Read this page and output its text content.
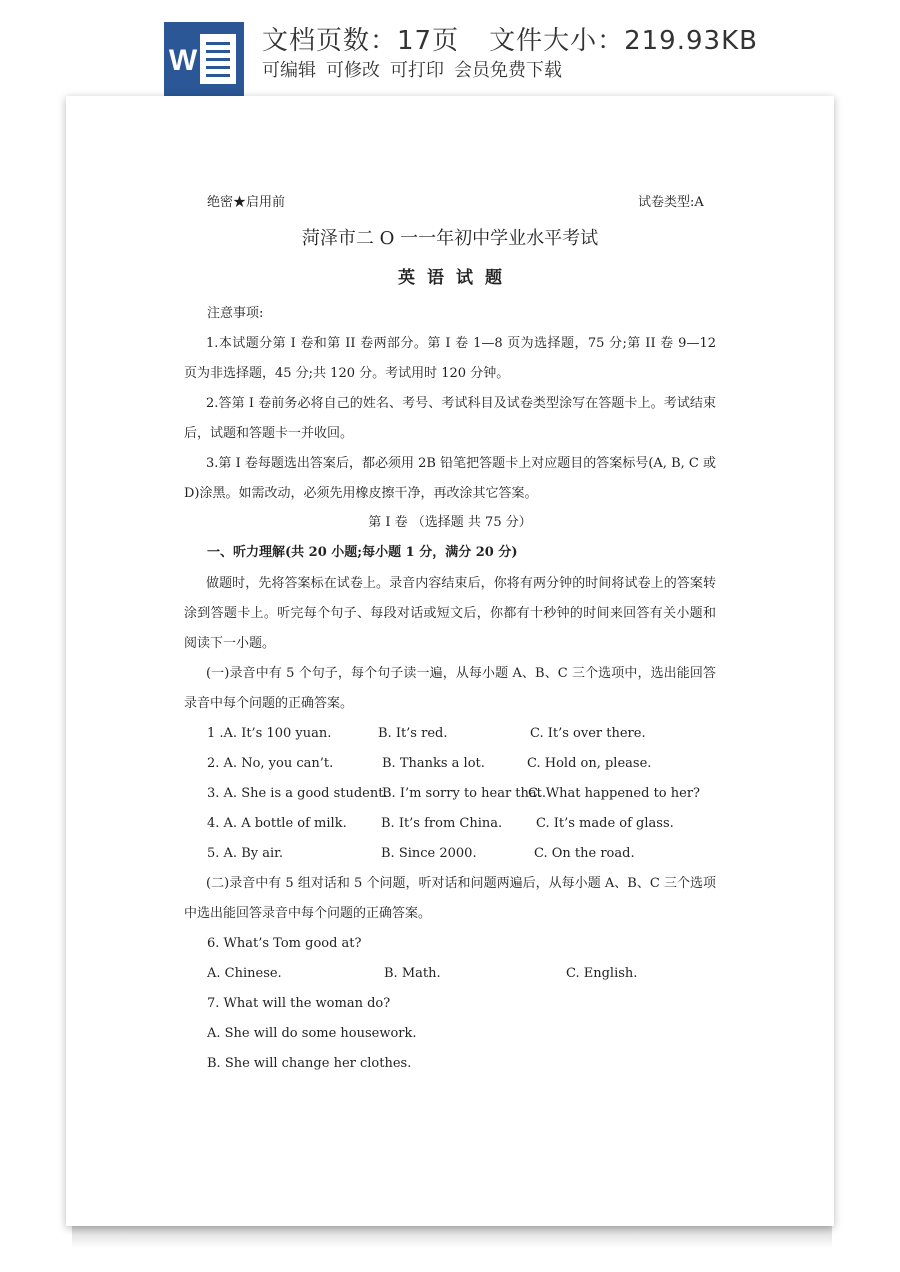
W
文档页数：17页 文件大小：219.93KB
可编辑 可修改 可打印 会员免费下载
绝密★启用前	试卷类型:A
菏泽市二 O 一一年初中学业水平考试
英语试题
注意事项:
1.本试题分第 I 卷和第 II 卷两部分。第 I 卷 1—8 页为选择题，75 分;第 II 卷 9—12 页为非选择题，45 分;共 120 分。考试用时 120 分钟。
2.答第 I 卷前务必将自己的姓名、考号、考试科目及试卷类型涂写在答题卡上。考试结束后，试题和答题卡一并收回。
3.第 I 卷每题选出答案后，都必须用 2B 铅笔把答题卡上对应题目的答案标号(A, B, C 或 D)涂黑。如需改动，必须先用橡皮擦干净，再改涂其它答案。
第 I 卷 （选择题 共 75 分）
一、听力理解(共 20 小题;每小题 1 分，满分 20 分)
做题时，先将答案标在试卷上。录音内容结束后，你将有两分钟的时间将试卷上的答案转涂到答题卡上。听完每个句子、每段对话或短文后，你都有十秒钟的时间来回答有关小题和阅读下一小题。
(一)录音中有 5 个句子，每个句子读一遍，从每小题 A、B、C 三个选项中，选出能回答录音中每个问题的正确答案。
1 .A. It’s 100 yuan.	B. It’s red.	C. It’s over there.
2. A. No, you can’t.	B. Thanks a lot.	C. Hold on, please.
3. A. She is a good student.
B. I’m sorry to hear that.
C. What happened to her?
4. A. A bottle of milk.	B. It’s from China.	C. It’s made of glass.
5. A. By air.	B. Since 2000.	C. On the road.
(二)录音中有 5 组对话和 5 个问题，听对话和问题两遍后，从每小题 A、B、C 三个选项中选出能回答录音中每个问题的正确答案。
6. What’s Tom good at?
A. Chinese.	B. Math.	C. English.
7. What will the woman do?
A. She will do some housework.
B. She will change her clothes.
